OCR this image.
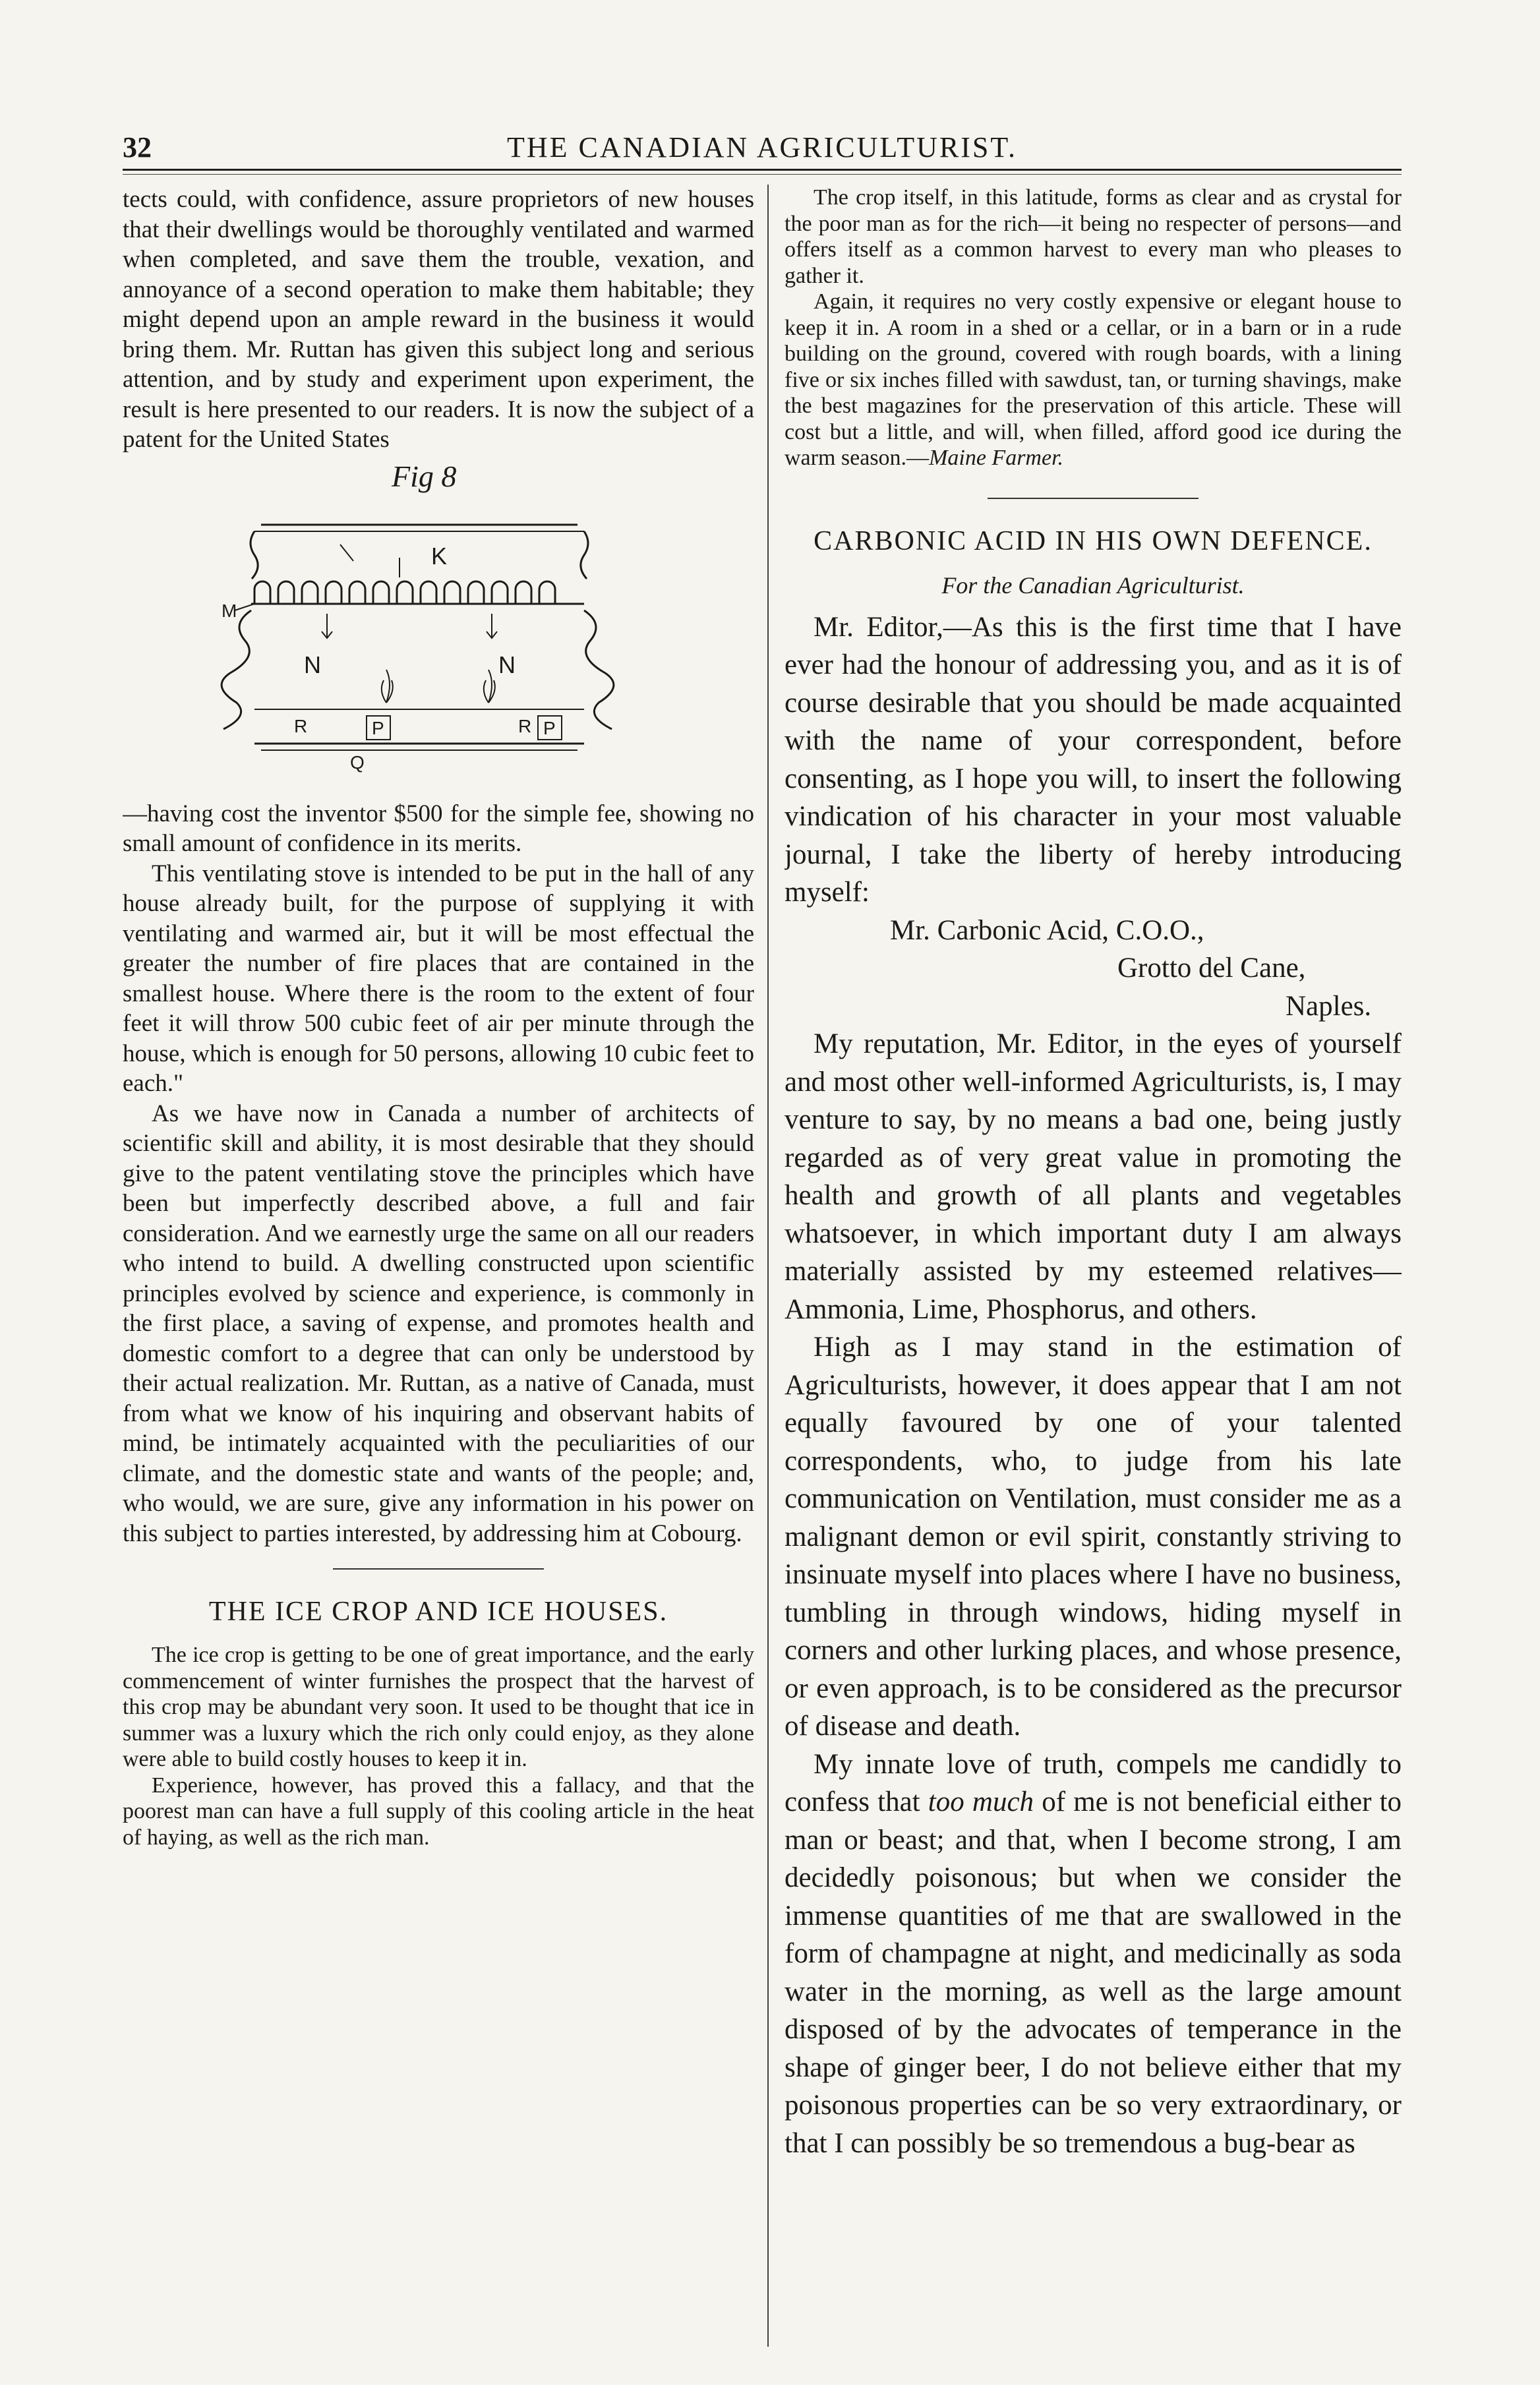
32	THE CANADIAN AGRICULTURIST.

tects could, with confidence, assure proprietors of new houses that their dwellings would be thoroughly ventilated and warmed when completed, and save them the trouble, vexation, and annoyance of a second operation to make them habitable; they might depend upon an ample reward in the business it would bring them. Mr. Ruttan has given this subject long and serious attention, and by study and experiment upon experiment, the result is here presented to our readers. It is now the subject of a patent for the United States

Fig 8
K
M
N	N
R	P	R P
Q

—having cost the inventor $500 for the simple fee, showing no small amount of confidence in its merits.

This ventilating stove is intended to be put in the hall of any house already built, for the purpose of supplying it with ventilating and warmed air, but it will be most effectual the greater the number of fire places that are contained in the smallest house. Where there is the room to the extent of four feet it will throw 500 cubic feet of air per minute through the house, which is enough for 50 persons, allowing 10 cubic feet to each."

As we have now in Canada a number of architects of scientific skill and ability, it is most desirable that they should give to the patent ventilating stove the principles which have been but imperfectly described above, a full and fair consideration. And we earnestly urge the same on all our readers who intend to build. A dwelling constructed upon scientific principles evolved by science and experience, is commonly in the first place, a saving of expense, and promotes health and domestic comfort to a degree that can only be understood by their actual realization. Mr. Ruttan, as a native of Canada, must from what we know of his inquiring and observant habits of mind, be intimately acquainted with the peculiarities of our climate, and the domestic state and wants of the people; and, who would, we are sure, give any information in his power on this subject to parties interested, by addressing him at Cobourg.

THE ICE CROP AND ICE HOUSES.

The ice crop is getting to be one of great importance, and the early commencement of winter furnishes the prospect that the harvest of this crop may be abundant very soon. It used to be thought that ice in summer was a luxury which the rich only could enjoy, as they alone were able to build costly houses to keep it in.

Experience, however, has proved this a fallacy, and that the poorest man can have a full supply of this cooling article in the heat of haying, as well as the rich man.

The crop itself, in this latitude, forms as clear and as crystal for the poor man as for the rich—it being no respecter of persons—and offers itself as a common harvest to every man who pleases to gather it.

Again, it requires no very costly expensive or elegant house to keep it in. A room in a shed or a cellar, or in a barn or in a rude building on the ground, covered with rough boards, with a lining five or six inches filled with sawdust, tan, or turning shavings, make the best magazines for the preservation of this article. These will cost but a little, and will, when filled, afford good ice during the warm season.—Maine Farmer.

CARBONIC ACID IN HIS OWN DEFENCE.
For the Canadian Agriculturist.

Mr. Editor,—As this is the first time that I have ever had the honour of addressing you, and as it is of course desirable that you should be made acquainted with the name of your correspondent, before consenting, as I hope you will, to insert the following vindication of his character in your most valuable journal, I take the liberty of hereby introducing myself:

Mr. Carbonic Acid, C.O.O.,
Grotto del Cane,
Naples.

My reputation, Mr. Editor, in the eyes of yourself and most other well-informed Agriculturists, is, I may venture to say, by no means a bad one, being justly regarded as of very great value in promoting the health and growth of all plants and vegetables whatsoever, in which important duty I am always materially assisted by my esteemed relatives—Ammonia, Lime, Phosphorus, and others.

High as I may stand in the estimation of Agriculturists, however, it does appear that I am not equally favoured by one of your talented correspondents, who, to judge from his late communication on Ventilation, must consider me as a malignant demon or evil spirit, constantly striving to insinuate myself into places where I have no business, tumbling in through windows, hiding myself in corners and other lurking places, and whose presence, or even approach, is to be considered as the precursor of disease and death.

My innate love of truth, compels me candidly to confess that too much of me is not beneficial either to man or beast; and that, when I become strong, I am decidedly poisonous; but when we consider the immense quantities of me that are swallowed in the form of champagne at night, and medicinally as soda water in the morning, as well as the large amount disposed of by the advocates of temperance in the shape of ginger beer, I do not believe either that my poisonous properties can be so very extraordinary, or that I can possibly be so tremendous a bug-bear as
